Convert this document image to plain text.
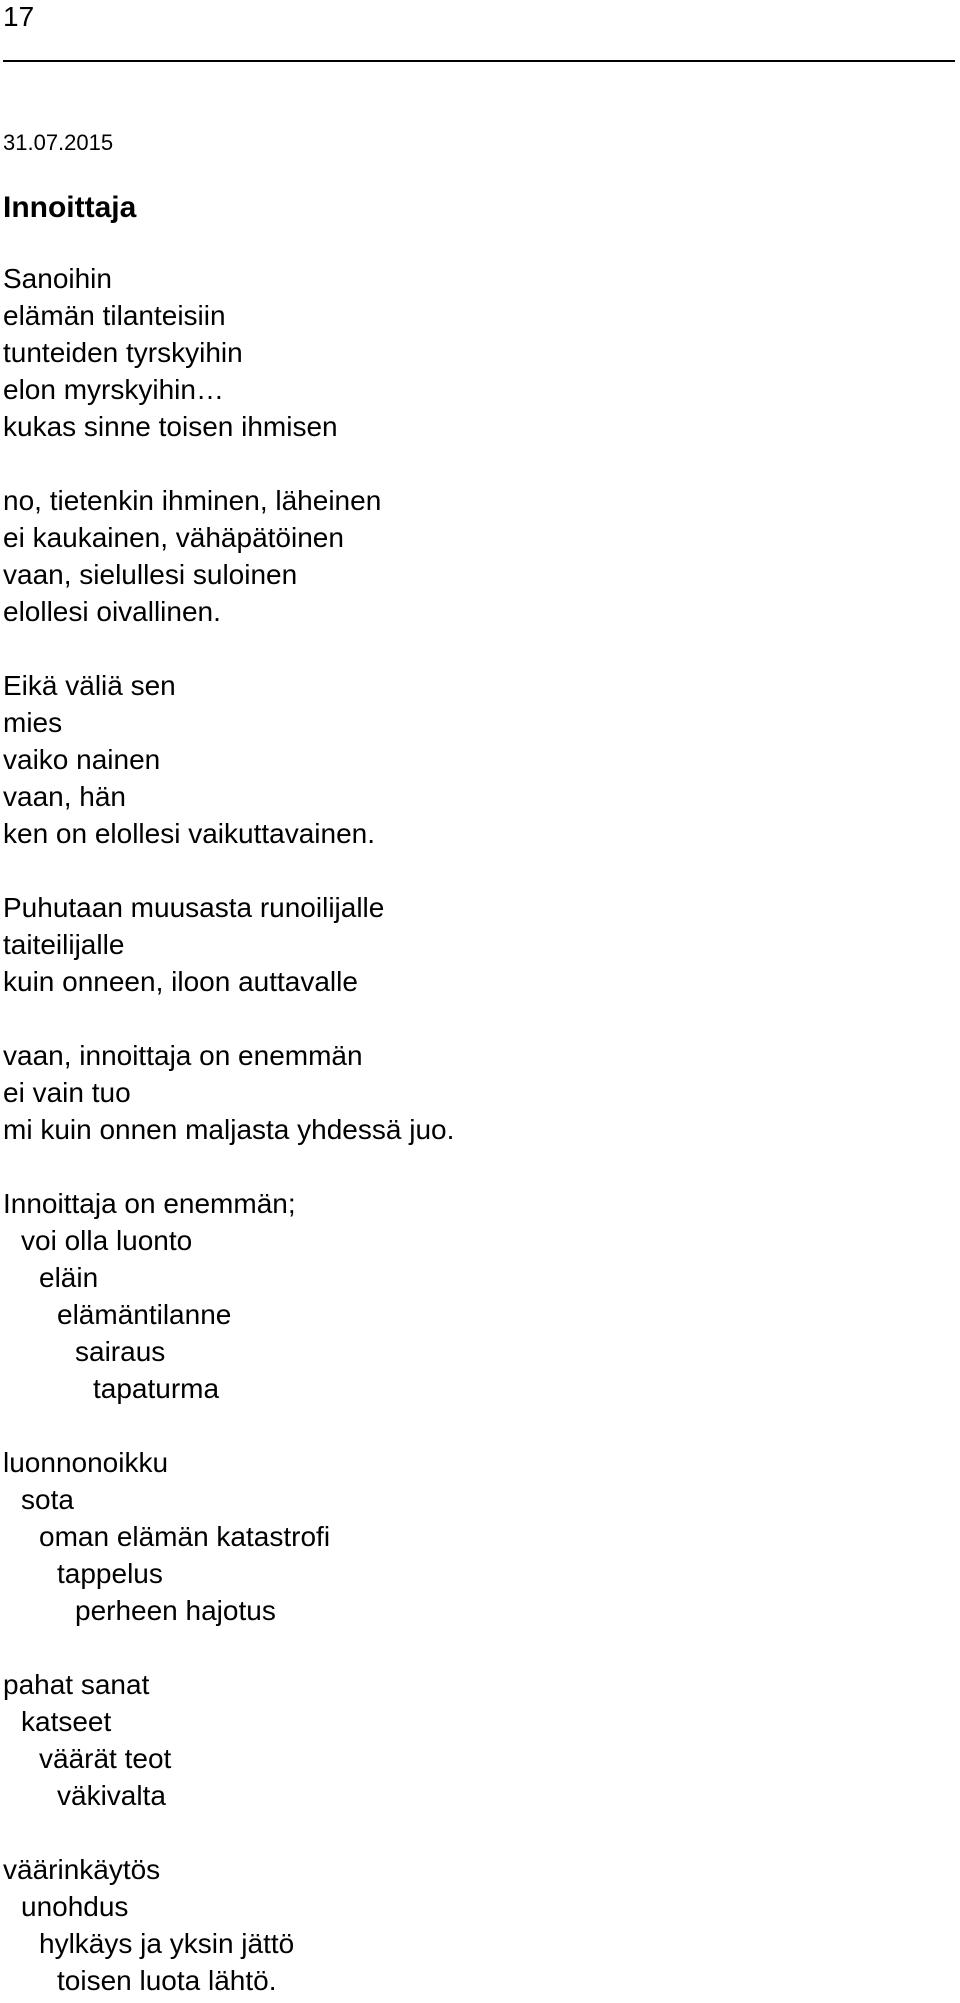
17
31.07.2015
Innoittaja
Sanoihin
elämän tilanteisiin
tunteiden tyrskyihin
elon myrskyihin…
kukas sinne toisen ihmisen
no, tietenkin ihminen, läheinen
ei kaukainen, vähäpätöinen
vaan, sielullesi suloinen
elollesi oivallinen.
Eikä väliä sen
mies
vaiko nainen
vaan, hän
ken on elollesi vaikuttavainen.
Puhutaan muusasta runoilijalle
taiteilijalle
kuin onneen, iloon auttavalle
vaan, innoittaja on enemmän
ei vain tuo
mi kuin onnen maljasta yhdessä juo.
Innoittaja on enemmän;
voi olla luonto
eläin
elämäntilanne
sairaus
tapaturma
luonnonoikku
sota
oman elämän katastrofi
tappelus
perheen hajotus
pahat sanat
katseet
väärät teot
väkivalta
väärinkäytös
unohdus
hylkäys ja yksin jättö
toisen luota lähtö.
